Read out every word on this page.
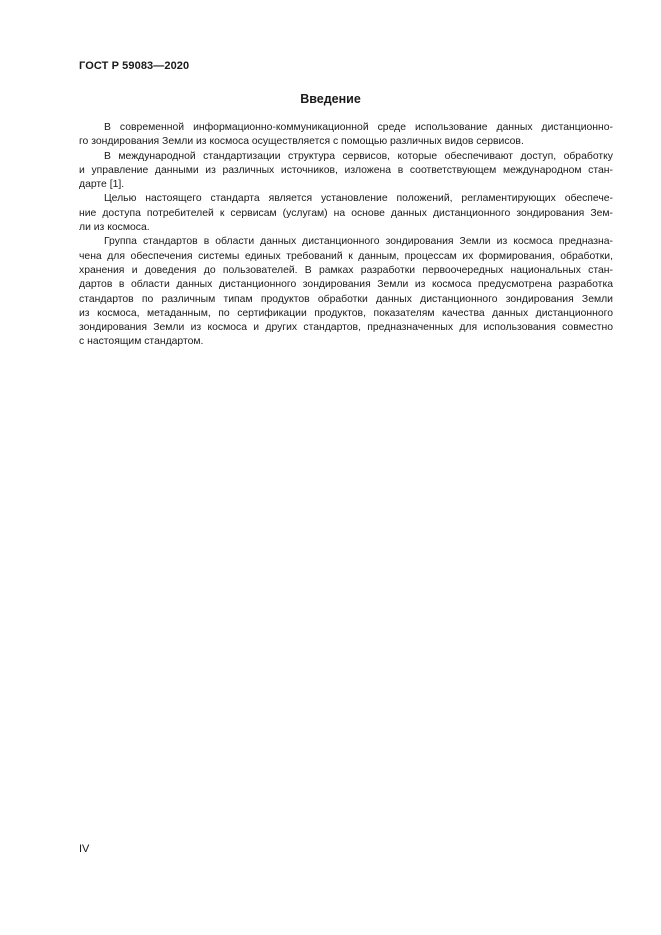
ГОСТ Р 59083—2020
Введение
В современной информационно-коммуникационной среде использование данных дистанционно-
го зондирования Земли из космоса осуществляется с помощью различных видов сервисов.
В международной стандартизации структура сервисов, которые обеспечивают доступ, обработку
и управление данными из различных источников, изложена в соответствующем международном стан-
дарте [1].
Целью настоящего стандарта является установление положений, регламентирующих обеспече-
ние доступа потребителей к сервисам (услугам) на основе данных дистанционного зондирования Зем-
ли из космоса.
Группа стандартов в области данных дистанционного зондирования Земли из космоса предназна-
чена для обеспечения системы единых требований к данным, процессам их формирования, обработки,
хранения и доведения до пользователей. В рамках разработки первоочередных национальных стан-
дартов в области данных дистанционного зондирования Земли из космоса предусмотрена разработка
стандартов по различным типам продуктов обработки данных дистанционного зондирования Земли
из космоса, метаданным, по сертификации продуктов, показателям качества данных дистанционного
зондирования Земли из космоса и других стандартов, предназначенных для использования совместно
с настоящим стандартом.
IV
